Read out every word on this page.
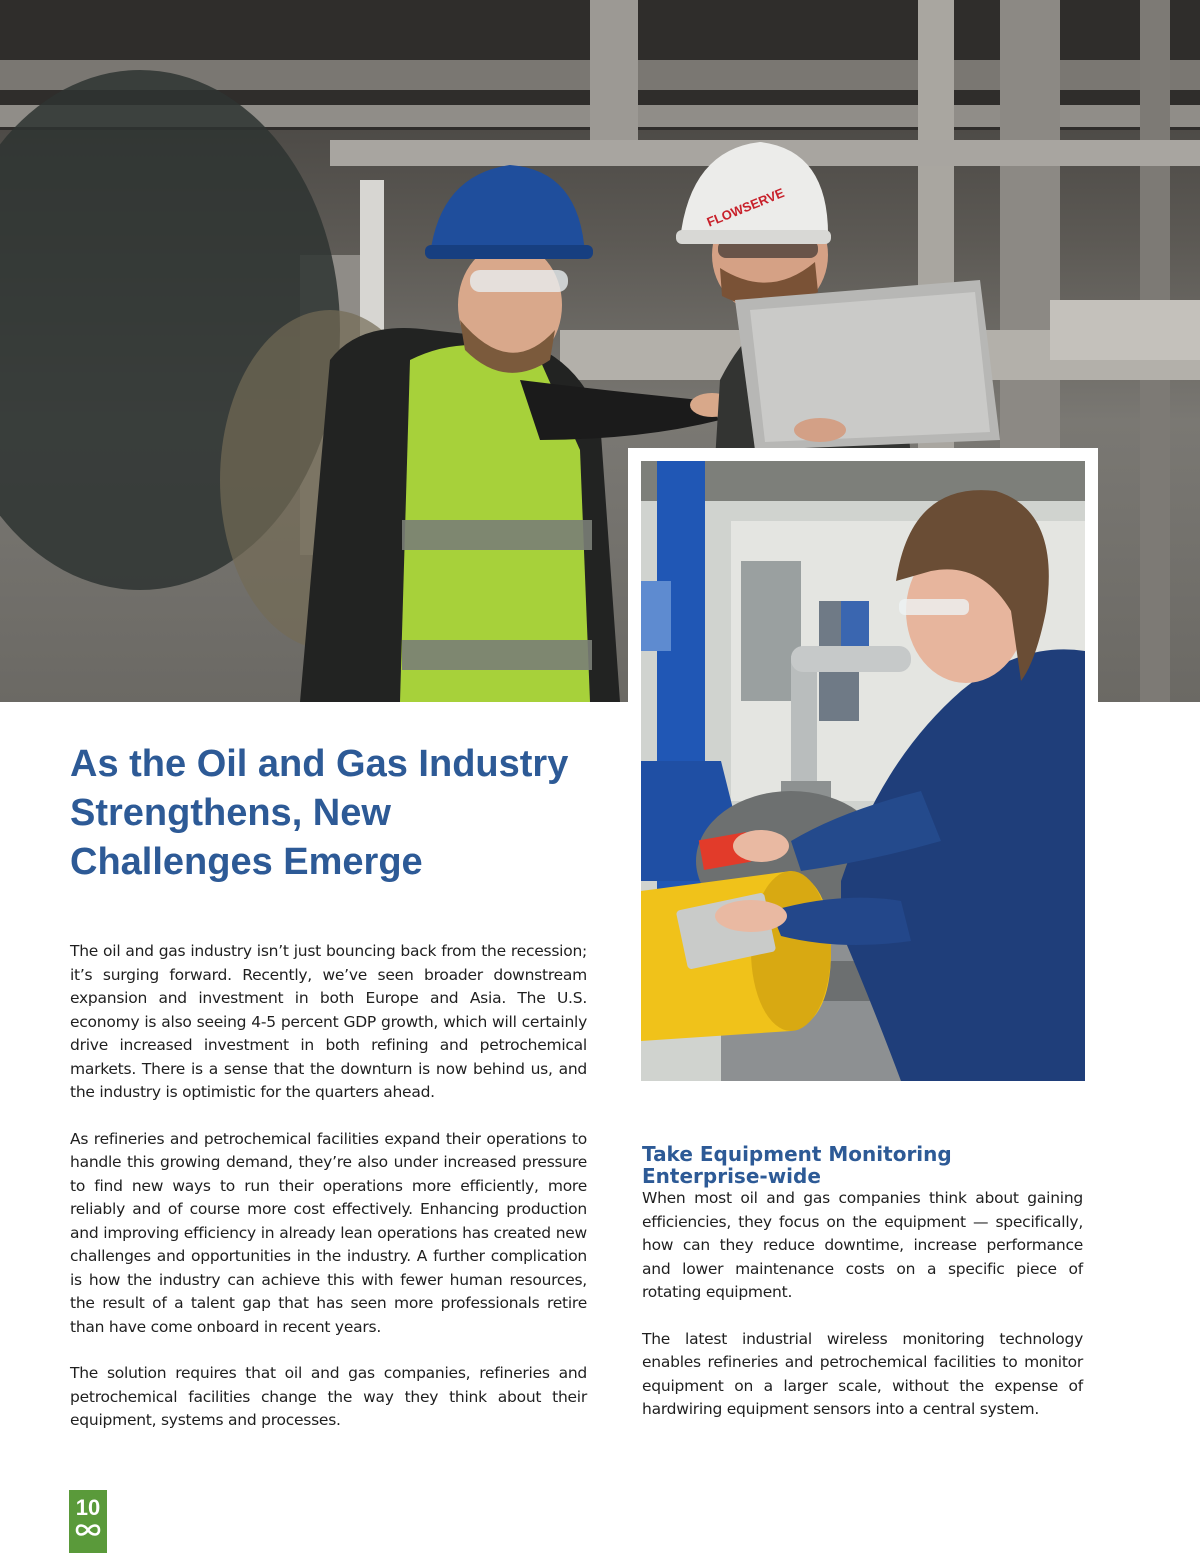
FLOWSERVE
As the Oil and Gas Industry Strengthens, New Challenges Emerge

The oil and gas industry isn’t just bouncing back from the recession; it’s surging forward. Recently, we’ve seen broader downstream expansion and investment in both Europe and Asia. The U.S. economy is also seeing 4-5 percent GDP growth, which will certainly drive increased investment in both refining and petrochemical markets. There is a sense that the downturn is now behind us, and the industry is optimistic for the quarters ahead.

As refineries and petrochemical facilities expand their operations to handle this growing demand, they’re also under increased pressure to find new ways to run their operations more efficiently, more reliably and of course more cost effectively. Enhancing production and improving efficiency in already lean operations has created new challenges and opportunities in the industry. A further complication is how the industry can achieve this with fewer human resources, the result of a talent gap that has seen more professionals retire than have come onboard in recent years.

The solution requires that oil and gas companies, refineries and petrochemical facilities change the way they think about their equipment, systems and processes.

Take Equipment Monitoring Enterprise-wide

When most oil and gas companies think about gaining efficiencies, they focus on the equipment — specifically, how can they reduce downtime, increase performance and lower maintenance costs on a specific piece of rotating equipment.

The latest industrial wireless monitoring technology enables refineries and petrochemical facilities to monitor equipment on a larger scale, without the expense of hardwiring equipment sensors into a central system.

10
